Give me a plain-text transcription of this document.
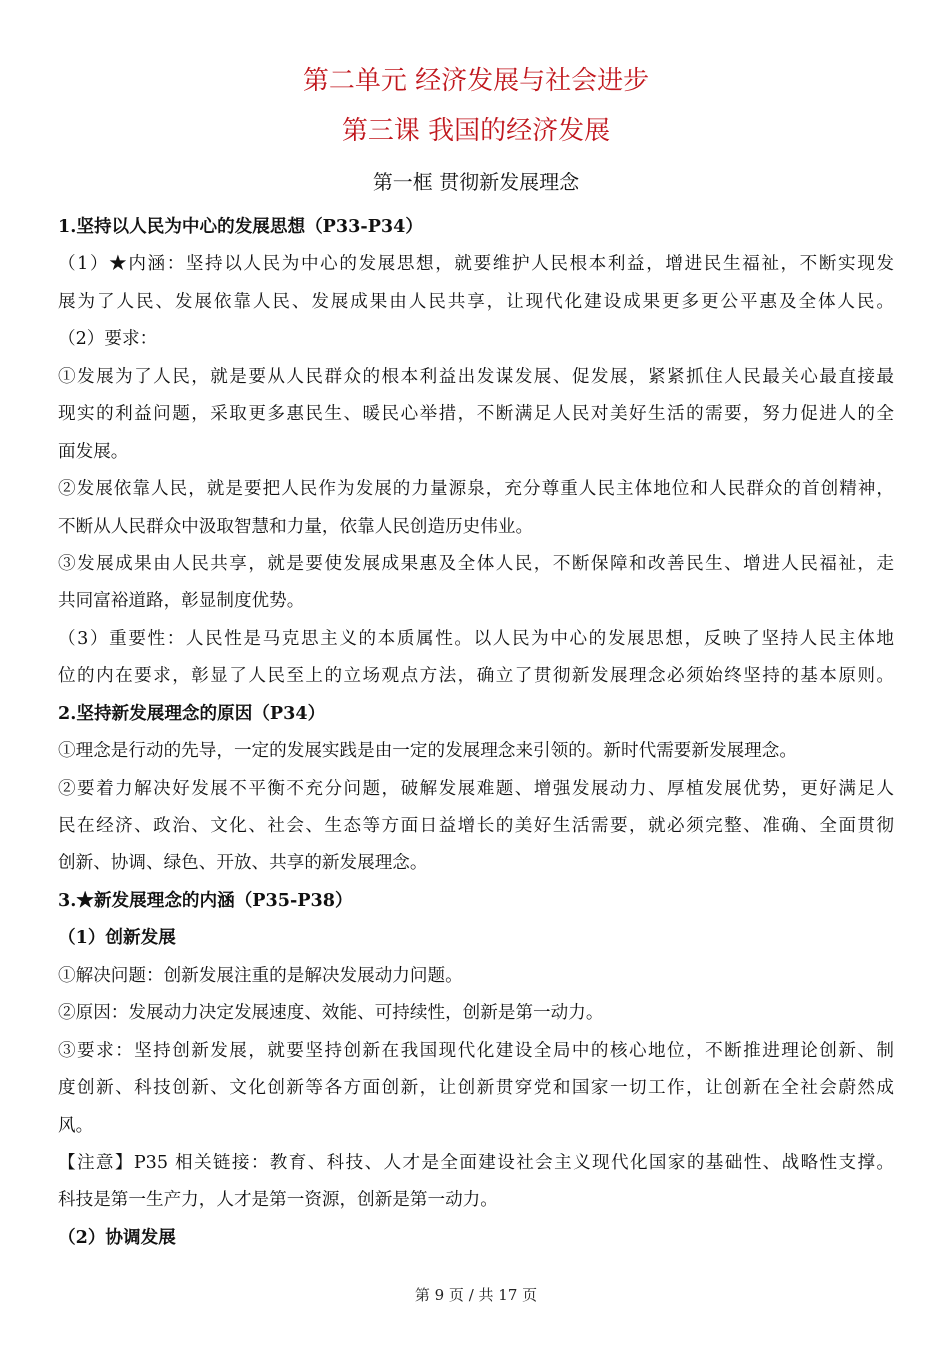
第二单元 经济发展与社会进步
第三课 我国的经济发展
第一框 贯彻新发展理念
1.坚持以人民为中心的发展思想（P33-P34）
（1）★内涵：坚持以人民为中心的发展思想，就要维护人民根本利益，增进民生福祉，不断实现发
展为了人民、发展依靠人民、发展成果由人民共享，让现代化建设成果更多更公平惠及全体人民。
（2）要求：
①发展为了人民，就是要从人民群众的根本利益出发谋发展、促发展，紧紧抓住人民最关心最直接最
现实的利益问题，采取更多惠民生、暖民心举措，不断满足人民对美好生活的需要，努力促进人的全
面发展。
②发展依靠人民，就是要把人民作为发展的力量源泉，充分尊重人民主体地位和人民群众的首创精神，
不断从人民群众中汲取智慧和力量，依靠人民创造历史伟业。
③发展成果由人民共享，就是要使发展成果惠及全体人民，不断保障和改善民生、增进人民福祉，走
共同富裕道路，彰显制度优势。
（3）重要性：人民性是马克思主义的本质属性。以人民为中心的发展思想，反映了坚持人民主体地
位的内在要求，彰显了人民至上的立场观点方法，确立了贯彻新发展理念必须始终坚持的基本原则。
2.坚持新发展理念的原因（P34）
①理念是行动的先导，一定的发展实践是由一定的发展理念来引领的。新时代需要新发展理念。
②要着力解决好发展不平衡不充分问题，破解发展难题、增强发展动力、厚植发展优势，更好满足人
民在经济、政治、文化、社会、生态等方面日益增长的美好生活需要，就必须完整、准确、全面贯彻
创新、协调、绿色、开放、共享的新发展理念。
3.★新发展理念的内涵（P35-P38）
（1）创新发展
①解决问题：创新发展注重的是解决发展动力问题。
②原因：发展动力决定发展速度、效能、可持续性，创新是第一动力。
③要求：坚持创新发展，就要坚持创新在我国现代化建设全局中的核心地位，不断推进理论创新、制
度创新、科技创新、文化创新等各方面创新，让创新贯穿党和国家一切工作，让创新在全社会蔚然成
风。
【注意】P35 相关链接：教育、科技、人才是全面建设社会主义现代化国家的基础性、战略性支撑。
科技是第一生产力，人才是第一资源，创新是第一动力。
（2）协调发展
第 9 页 / 共 17 页
